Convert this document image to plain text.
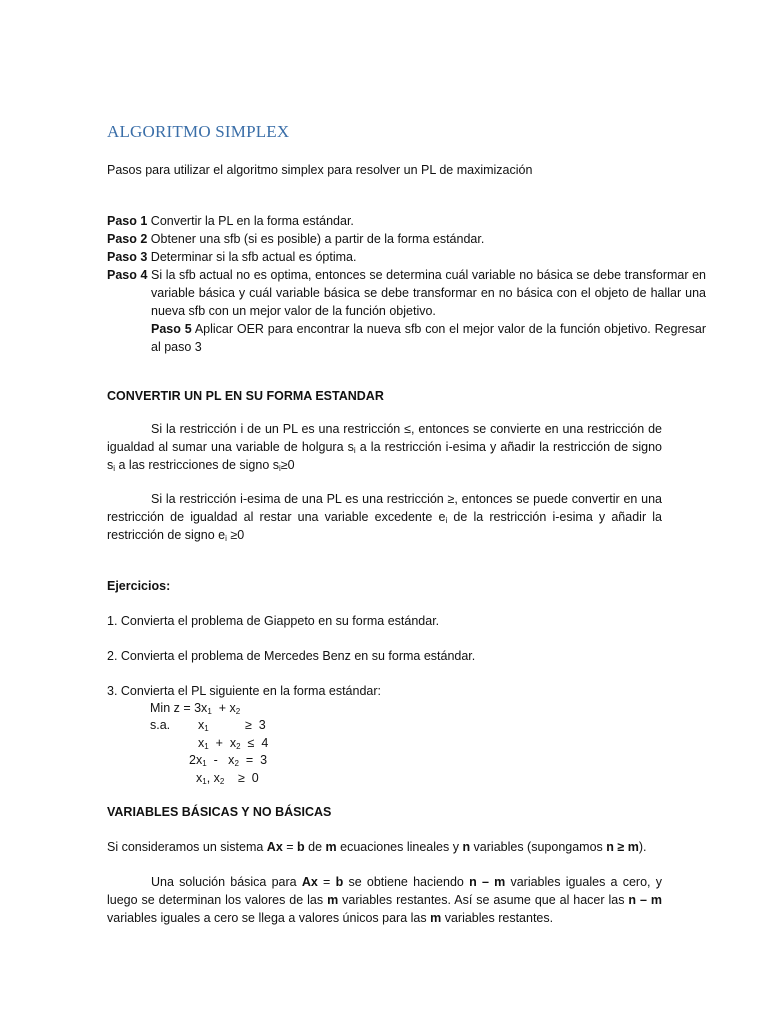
ALGORITMO SIMPLEX
Pasos para utilizar el algoritmo simplex para resolver un PL de maximización
Paso 1 Convertir la PL en la forma estándar.
Paso 2 Obtener una sfb (si es posible) a partir de la forma estándar.
Paso 3 Determinar si la sfb actual es óptima.
Paso 4 Si la sfb actual no es optima, entonces se determina cuál variable no básica se debe transformar en variable básica y cuál variable básica se debe transformar en no básica con el objeto de hallar una nueva sfb con un mejor valor de la función objetivo.
Paso 5 Aplicar OER para encontrar la nueva sfb con el mejor valor de la función objetivo. Regresar al paso 3
CONVERTIR UN PL EN SU FORMA ESTANDAR
Si la restricción i de un PL es una restricción ≤, entonces se convierte en una restricción de igualdad al sumar una variable de holgura $s_i$ a la restricción i-esima y añadir la restricción de signo $s_i$ a las restricciones de signo $s_i\ge 0$
Si la restricción i-esima de una PL es una restricción ≥, entonces se puede convertir en una restricción de igualdad al restar una variable excedente $e_i$ de la restricción i-esima y añadir la restricción de signo $e_i \ge 0$
Ejercicios:
1. Convierta el problema de Giappeto en su forma estándar.
2. Convierta el problema de Mercedes Benz en su forma estándar.
3. Convierta el PL siguiente en la forma estándar:
Min $z = 3x_1 + x_2$
s.a. $x_1$	≥  3
$x_1 + x_2 \le 4$
$2x_1 - x_2 = 3$
$x_1$, $x_2 \ge 0$
VARIABLES BÁSICAS Y NO BÁSICAS
Si consideramos un sistema Ax = b de m ecuaciones lineales y n variables (supongamos n ≥ m).
Una solución básica para Ax = b se obtiene haciendo n – m variables iguales a cero, y luego se determinan los valores de las m variables restantes. Así se asume que al hacer las n – m variables iguales a cero se llega a valores únicos para las m variables restantes.
